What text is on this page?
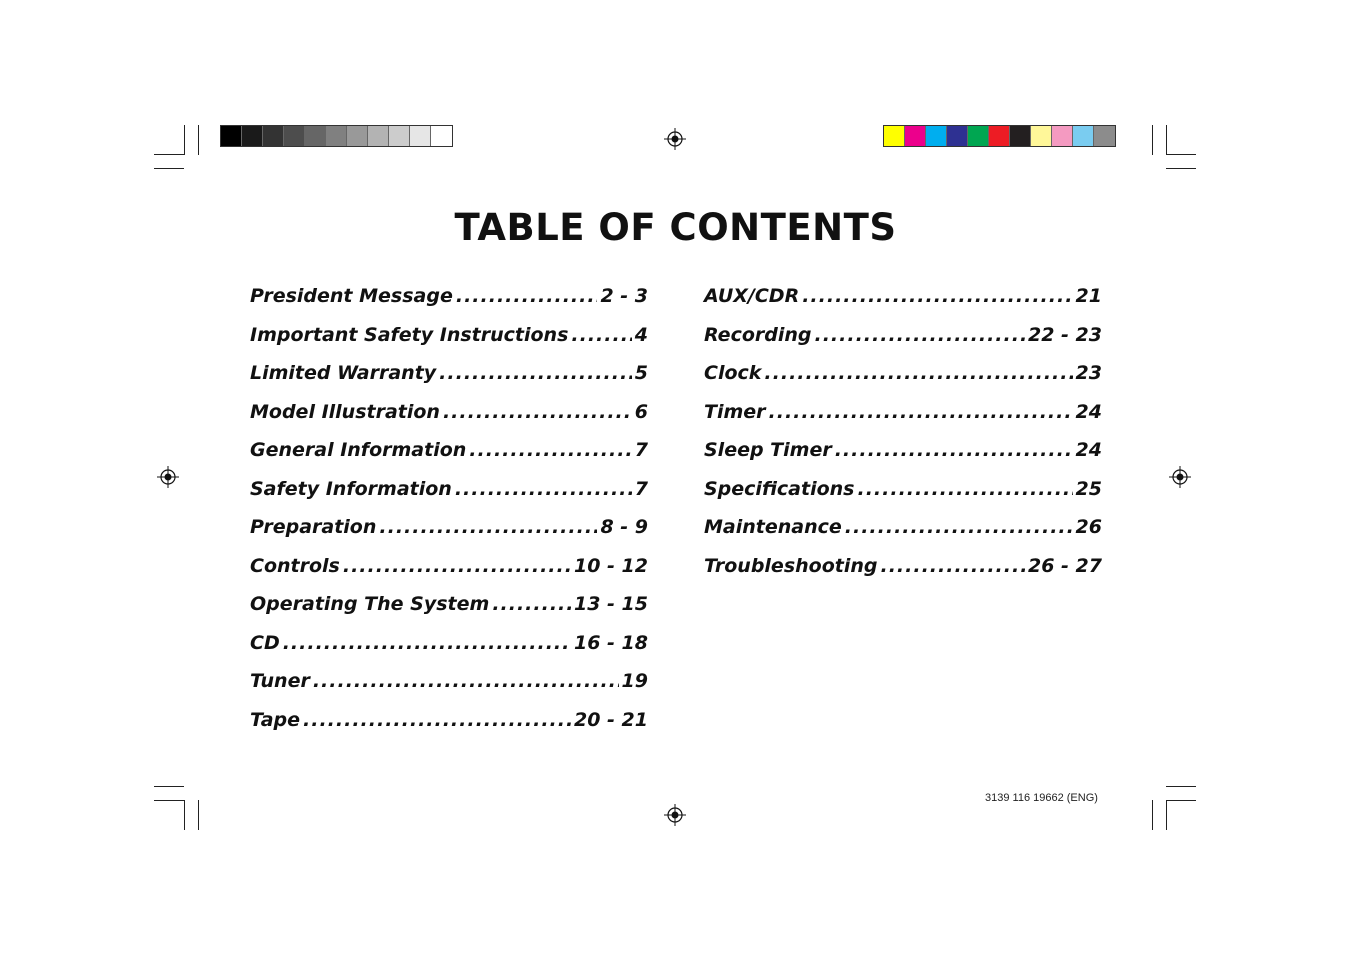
TABLE OF CONTENTS
President Message .....	2 - 3
Important Safety Instructions .....	4
Limited Warranty .....	5
Model Illustration .....	6
General Information .....	7
Safety Information .....	7
Preparation .....	8 - 9
Controls .....	10 - 12
Operating The System .....	13 - 15
CD .....	16 - 18
Tuner .....	19
Tape .....	20 - 21
AUX/CDR .....	21
Recording .....	22 - 23
Clock .....	23
Timer .....	24
Sleep Timer .....	24
Specifications .....	25
Maintenance .....	26
Troubleshooting .....	26 - 27
3139 116 19662 (ENG)
